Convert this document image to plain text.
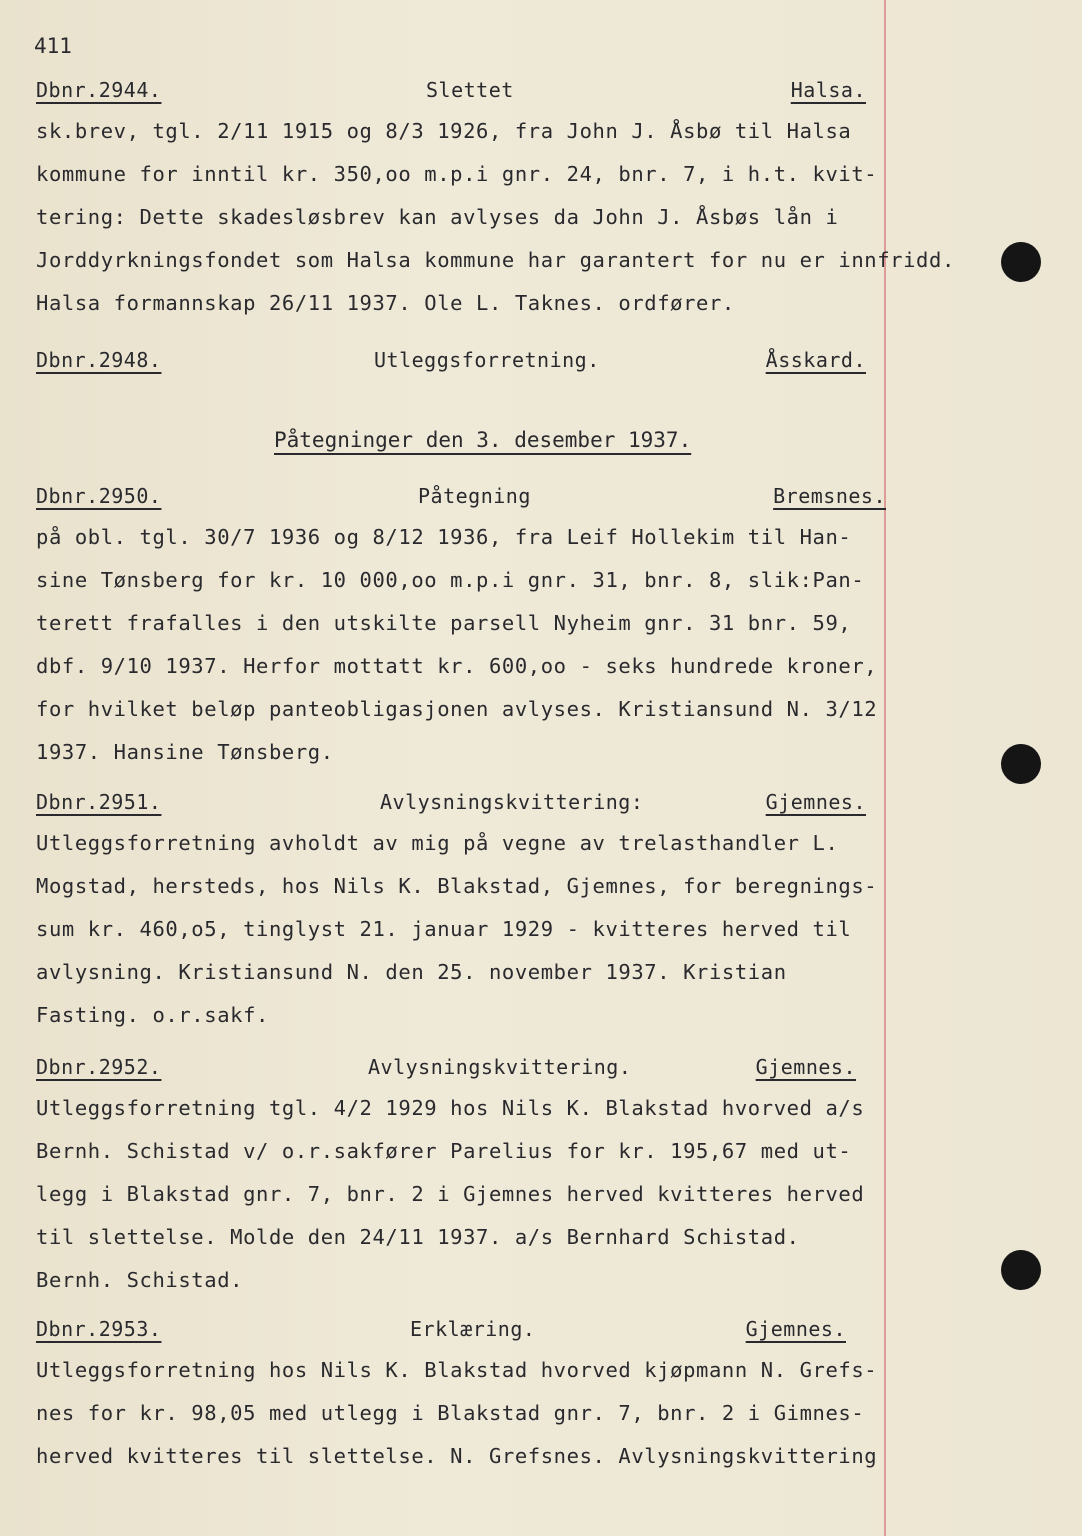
411
Påtegninger den 3. desember 1937.
Dbnr.2944.	Slettet	Halsa.
sk.brev, tgl. 2/11 1915 og 8/3 1926, fra John J. Åsbø til Halsa
kommune for inntil kr. 350,oo m.p.i gnr. 24, bnr. 7, i h.t. kvit-
tering: Dette skadesløsbrev kan avlyses da John J. Åsbøs lån i
Jorddyrkningsfondet som Halsa kommune har garantert for nu er innfridd.
Halsa formannskap 26/11 1937. Ole L. Taknes. ordfører.
Dbnr.2948.	Utleggsforretning.	Åsskard.
Dbnr.2950.	Påtegning	Bremsnes.
på obl. tgl. 30/7 1936 og 8/12 1936, fra Leif Hollekim til Han-
sine Tønsberg for kr. 10 000,oo m.p.i gnr. 31, bnr. 8, slik:Pan-
terett frafalles i den utskilte parsell Nyheim gnr. 31 bnr. 59,
dbf. 9/10 1937. Herfor mottatt kr. 600,oo - seks hundrede kroner,
for hvilket beløp panteobligasjonen avlyses. Kristiansund N. 3/12
1937. Hansine Tønsberg.
Dbnr.2951.	Avlysningskvittering:	Gjemnes.
Utleggsforretning avholdt av mig på vegne av trelasthandler L.
Mogstad, hersteds, hos Nils K. Blakstad, Gjemnes, for beregnings-
sum kr. 460,o5, tinglyst 21. januar 1929 - kvitteres herved til
avlysning. Kristiansund N. den 25. november 1937. Kristian
Fasting. o.r.sakf.
Dbnr.2952.	Avlysningskvittering.	Gjemnes.
Utleggsforretning tgl. 4/2 1929 hos Nils K. Blakstad hvorved a/s
Bernh. Schistad v/ o.r.sakfører Parelius for kr. 195,67 med ut-
legg i Blakstad gnr. 7, bnr. 2 i Gjemnes herved kvitteres herved
til slettelse. Molde den 24/11 1937. a/s Bernhard Schistad.
Bernh. Schistad.
Dbnr.2953.	Erklæring.	Gjemnes.
Utleggsforretning hos Nils K. Blakstad hvorved kjøpmann N. Grefs-
nes for kr. 98,05 med utlegg i Blakstad gnr. 7, bnr. 2 i Gimnes-
herved kvitteres til slettelse. N. Grefsnes. Avlysningskvittering
